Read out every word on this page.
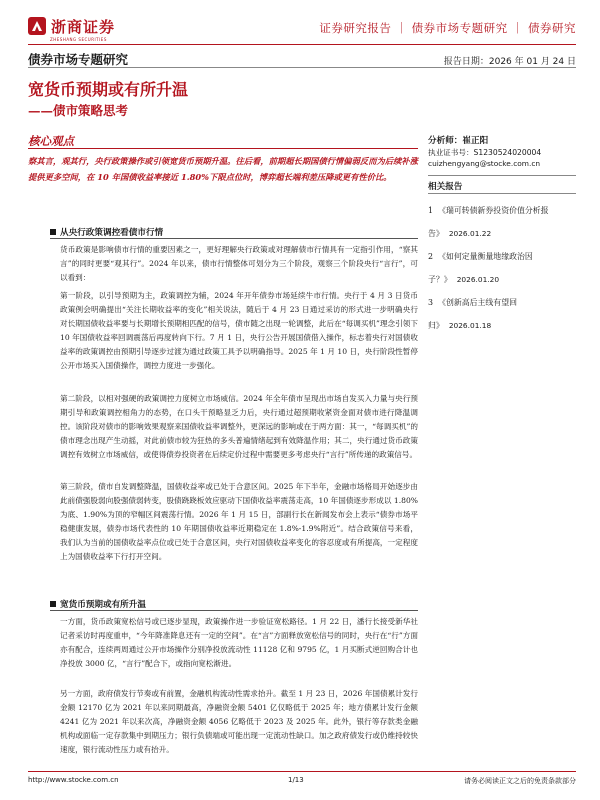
浙商证券
ZHESHANG SECURITIES
证券研究报告 ｜ 债券市场专题研究 ｜ 债券研究
债券市场专题研究	报告日期：2026 年 01 月 24 日
宽货币预期或有所升温
——债市策略思考
核心观点
察其言，观其行，央行政策操作或引领宽货币预期升温。往后看，前期超长期国债行情偏弱反而为后续补涨提供更多空间，在 10 年国债收益率接近 1.80%下限点位时，博弈超长端利差压降或更有性价比。
从央行政策调控看债市行情
货币政策是影响债市行情的重要因素之一，更好理解央行政策或对理解债市行情具有一定指引作用，“察其言”的同时更要“观其行”。2024 年以来，债市行情整体可划分为三个阶段，观察三个阶段央行“言行”，可以看到：
第一阶段，以引导预期为主，政策调控为辅，2024 年开年债券市场延续牛市行情。央行于 4 月 3 日货币政策例会明确提出“关注长期收益率的变化”相关说法，随后于 4 月 23 日通过采访的形式进一步明确央行对长期国债收益率要与长期增长预期相匹配的信号，债市随之出现一轮调整，此后在“每调买机”理念引领下 10 年国债收益率回调震荡后再度转向下行。7 月 1 日，央行公告开展国债借入操作，标志着央行对国债收益率的政策调控由预期引导逐步过渡为通过政策工具予以明确指导。2025 年 1 月 10 日，央行阶段性暂停公开市场买入国债操作，调控力度进一步强化。
第二阶段，以相对强硬的政策调控力度树立市场威信。2024 年全年债市呈现出市场自发买入力量与央行预期引导和政策调控相角力的态势，在口头干预略显乏力后，央行通过超预期收紧资金面对债市进行降温调控。该阶段对债市的影响效果观察来国债收益率调整外，更深远的影响或在于两方面：其一，“每调买机”的债市理念出现产生动摇，对此前债市较为狂热的多头普遍情绪起到有效降温作用；其二，央行通过货币政策调控有效树立市场威信，或使得债券投资者在后续定价过程中需要更多考虑央行“言行”所传递的政策信号。
第三阶段，债市自发调整降温，国债收益率或已处于合意区间。2025 年下半年，金融市场格局开始逐步由此前债强股弱向股强债弱转变，股债跷跷板效应驱动下国债收益率震荡走高，10 年国债逐步形成以 1.80%为底、1.90%为顶的窄幅区间震荡行情。2026 年 1 月 15 日，部副行长在新闻发布会上表示“债券市场平稳健康发展，债券市场代表性的 10 年期国债收益率近期稳定在 1.8%-1.9%附近”。结合政策信号来看，我们认为当前的国债收益率点位或已处于合意区间，央行对国债收益率变化的容忍度或有所提高，一定程度上为国债收益率下行打开空间。
宽货币预期或有所升温
一方面，货币政策宽松信号或已逐步显现，政策操作进一步验证宽松路径。1 月 22 日，潘行长接受新华社记者采访时再度重申，“今年降准降息还有一定的空间”。在“言”方面释放宽松信号的同时，央行在“行”方面亦有配合，连续两周通过公开市场操作分别净投放流动性 11128 亿和 9795 亿，1 月买断式逆回购合计也净投放 3000 亿，“言行”配合下，或指向宽松渐进。
另一方面，政府债发行节奏或有前置，金融机构流动性需求抬升。截至 1 月 23 日，2026 年国债累计发行金额 12170 亿为 2021 年以来同期最高，净融资金额 5401 亿仅略低于 2025 年；地方债累计发行金额 4241 亿为 2021 年以来次高，净融资金额 4056 亿略低于 2023 及 2025 年。此外，银行等存款类金融机构或面临一定存款集中到期压力；银行负债端或可能出现一定流动性缺口。加之政府债发行或仍维持较快速度，银行流动性压力或有抬升。
分析师：崔正阳
执业证书号：S1230524020004
cuizhengyang@stocke.com.cn
相关报告
1 《瑞可转债新券投资价值分析报告》 2026.01.22
2 《如何定量衡量地缘政治因子？》 2026.01.20
3 《创新高后主线有望回归》 2026.01.18
http://www.stocke.com.cn	1/13	请务必阅读正文之后的免责条款部分
